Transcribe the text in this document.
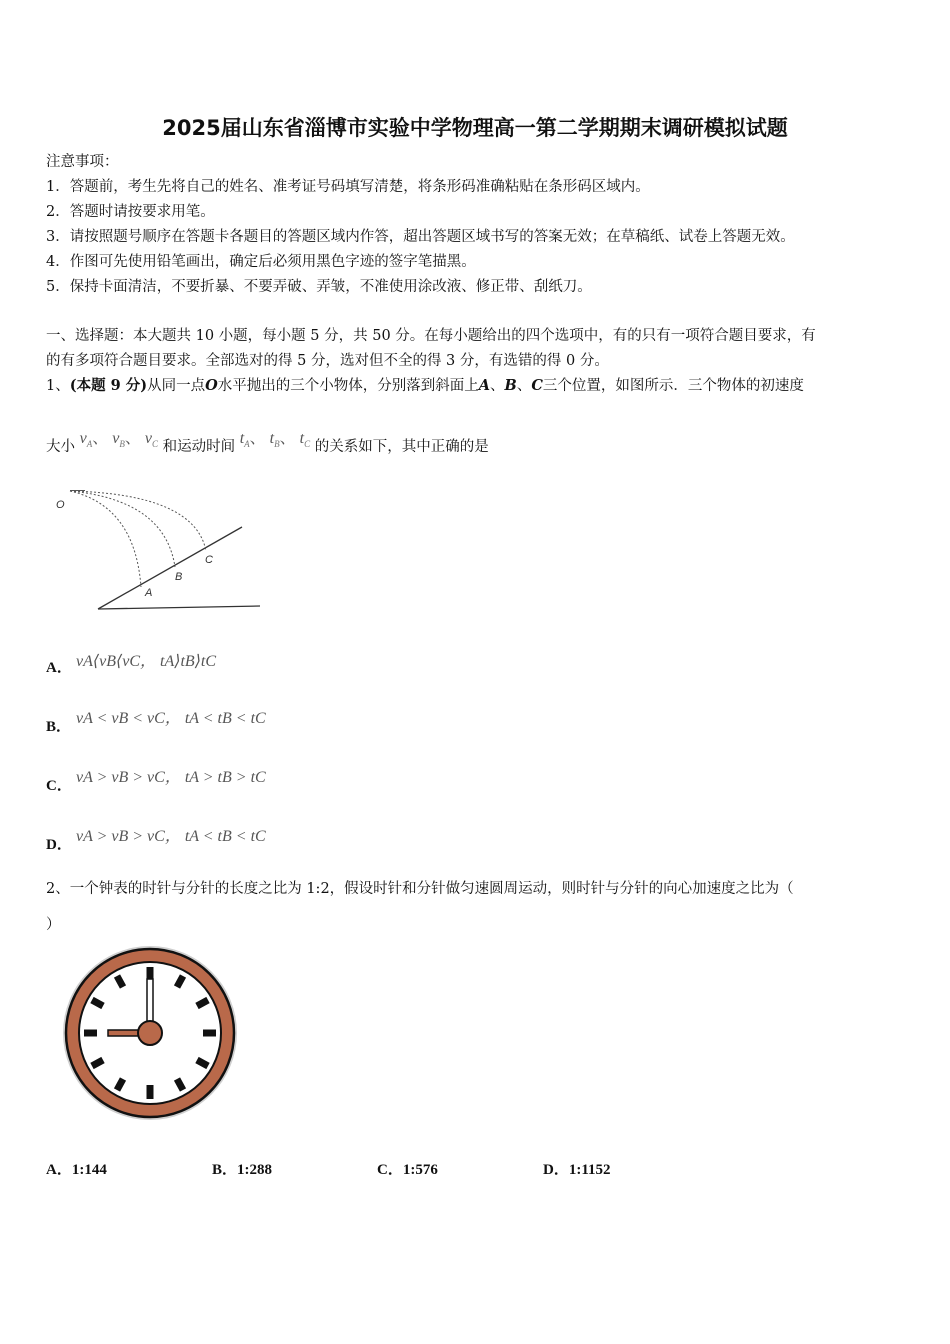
2025届山东省淄博市实验中学物理高一第二学期期末调研模拟试题
注意事项：
1．答题前，考生先将自己的姓名、准考证号码填写清楚，将条形码准确粘贴在条形码区域内。
2．答题时请按要求用笔。
3．请按照题号顺序在答题卡各题目的答题区域内作答，超出答题区域书写的答案无效；在草稿纸、试卷上答题无效。
4．作图可先使用铅笔画出，确定后必须用黑色字迹的签字笔描黑。
5．保持卡面清洁，不要折暴、不要弄破、弄皱，不准使用涂改液、修正带、刮纸刀。
一、选择题：本大题共 10 小题，每小题 5 分，共 50 分。在每小题给出的四个选项中，有的只有一项符合题目要求，有
的有多项符合题目要求。全部选对的得 5 分，选对但不全的得 3 分，有选错的得 0 分。
1、(本题 9 分)从同一点O水平抛出的三个小物体，分别落到斜面上A、B、C三个位置，如图所示．三个物体的初速度
大小 $v_A$、 $v_B$、 $v_C$ 和运动时间 $t_A$、 $t_B$、 $t_C$ 的关系如下，其中正确的是
O
A
B
C
A． vA⟨vB⟨vC， tA⟩tB⟩tC
B． vA < vB < vC， tA < tB < tC
C． vA > vB > vC， tA > tB > tC
D． vA > vB > vC， tA < tB < tC
2、一个钟表的时针与分针的长度之比为 1:2，假设时针和分针做匀速圆周运动，则时针与分针的向心加速度之比为（
）
A．1:144	B．1:288	C．1:576	D．1:1152
